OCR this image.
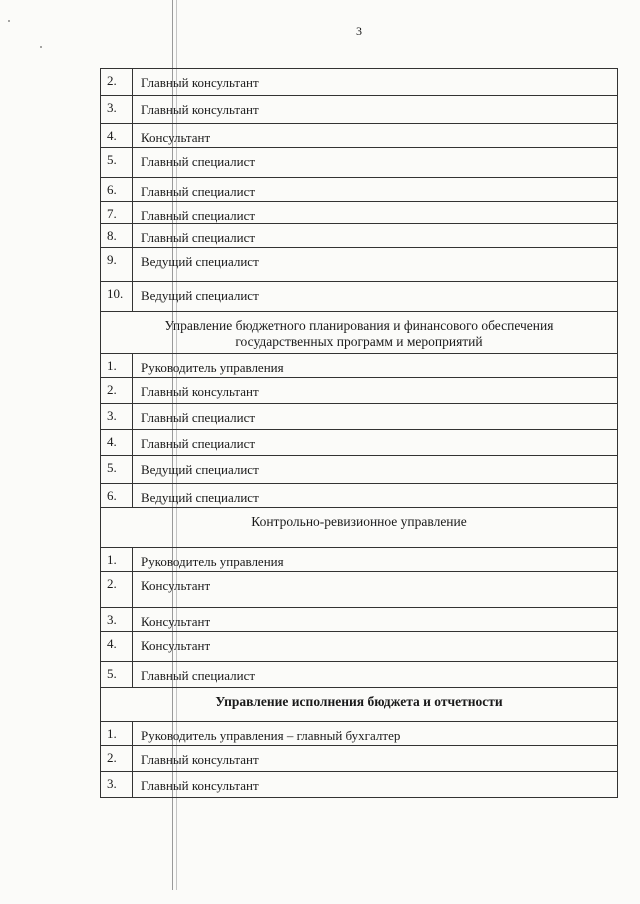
3
2.	Главный консультант
3.	Главный консультант
4.	Консультант
5.	Главный специалист
6.	Главный специалист
7.	Главный специалист
8.	Главный специалист
9.	Ведущий специалист
10.	Ведущий специалист
Управление бюджетного планирования и финансового обеспечения
государственных программ и мероприятий
1.	Руководитель управления
2.	Главный консультант
3.	Главный специалист
4.	Главный специалист
5.	Ведущий специалист
6.	Ведущий специалист
Контрольно-ревизионное управление
1.	Руководитель управления
2.	Консультант
3.	Консультант
4.	Консультант
5.	Главный специалист
Управление исполнения бюджета и отчетности
1.	Руководитель управления – главный бухгалтер
2.	Главный консультант
3.	Главный консультант
